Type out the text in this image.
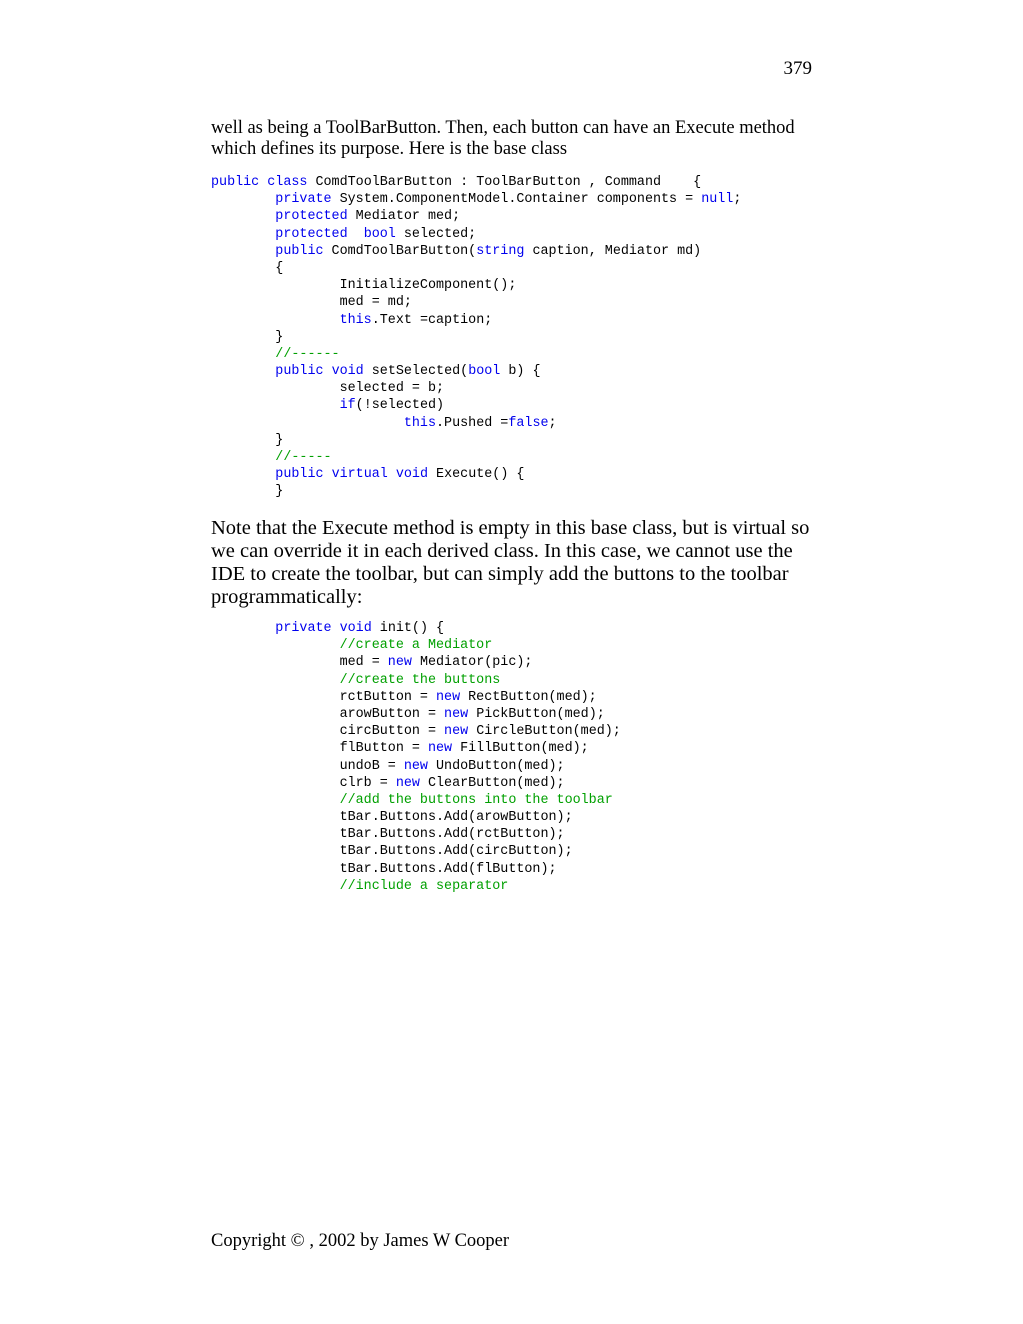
379

well as being a ToolBarButton. Then, each button can have an Execute method
which defines its purpose. Here is the base class

public class ComdToolBarButton : ToolBarButton , Command    {
private System.ComponentModel.Container components = null;
protected Mediator med;
protected bool selected;
public ComdToolBarButton(string caption, Mediator md)
{
InitializeComponent();
med = md;
this.Text =caption;
}
//------
public void setSelected(bool b) {
selected = b;
if(!selected)
this.Pushed =false;
}
//-----
public virtual void Execute() {
}

Note that the Execute method is empty in this base class, but is virtual so
we can override it in each derived class. In this case, we cannot use the
IDE to create the toolbar, but can simply add the buttons to the toolbar
programmatically:

private void init() {
//create a Mediator
med = new Mediator(pic);
//create the buttons
rctButton = new RectButton(med);
arowButton = new PickButton(med);
circButton = new CircleButton(med);
flButton = new FillButton(med);
undoB = new UndoButton(med);
clrb = new ClearButton(med);
//add the buttons into the toolbar
tBar.Buttons.Add(arowButton);
tBar.Buttons.Add(rctButton);
tBar.Buttons.Add(circButton);
tBar.Buttons.Add(flButton);
//include a separator
Copyright © , 2002 by James W Cooper
